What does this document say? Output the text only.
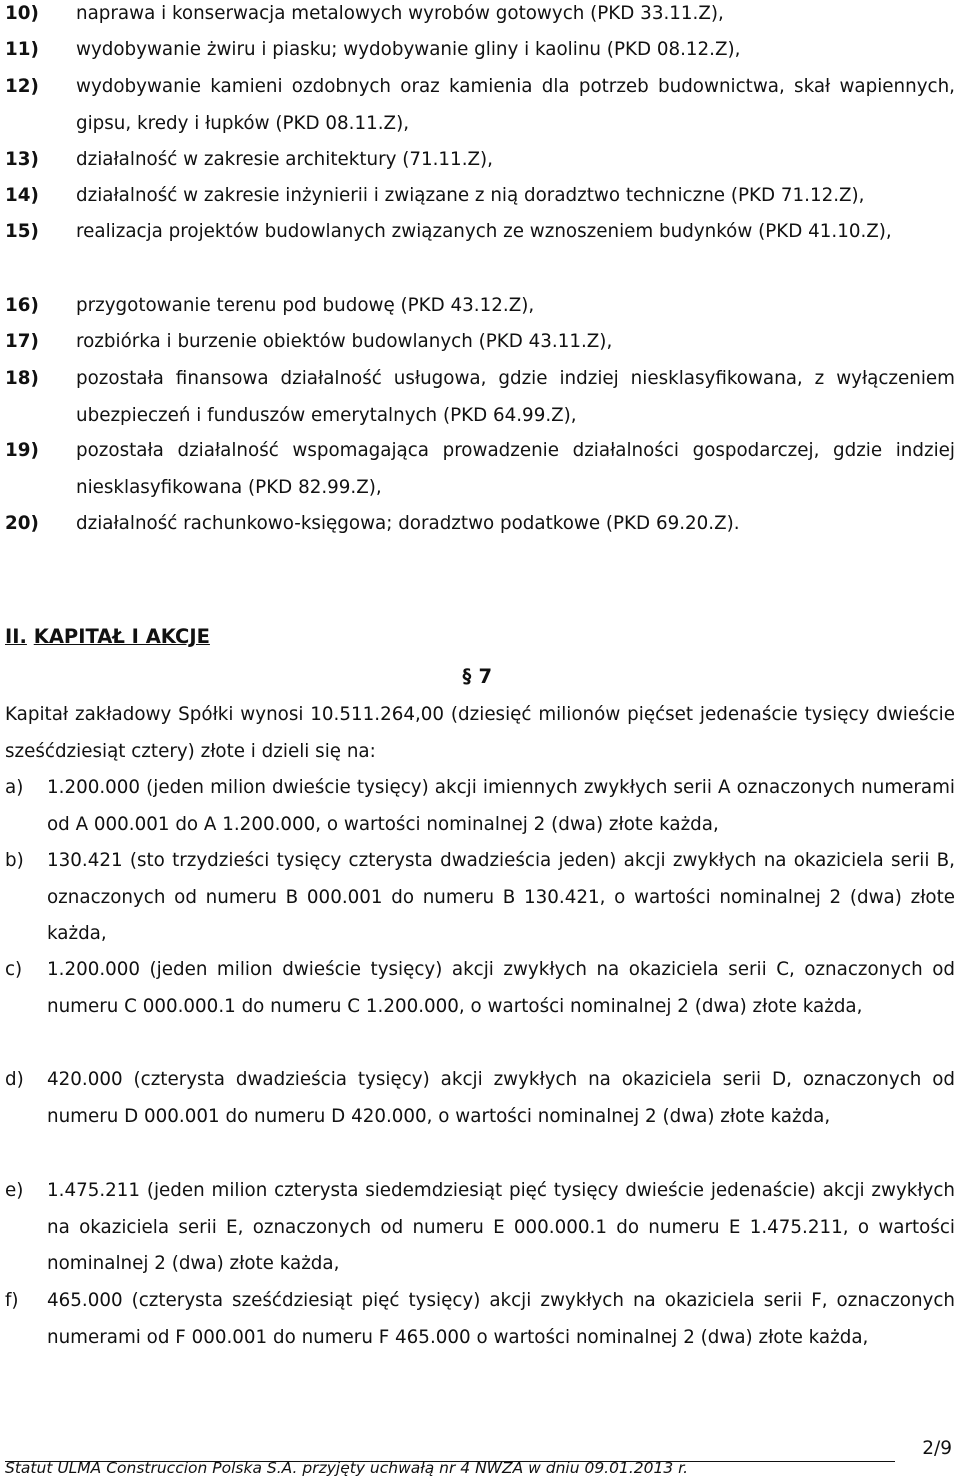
10) naprawa i konserwacja metalowych wyrobów gotowych (PKD 33.11.Z),
11) wydobywanie żwiru i piasku; wydobywanie gliny i kaolinu (PKD 08.12.Z),
12) wydobywanie kamieni ozdobnych oraz kamienia dla potrzeb budownictwa, skał wapiennych, gipsu, kredy i łupków (PKD 08.11.Z),
13) działalność w zakresie architektury (71.11.Z),
14) działalność w zakresie inżynierii i związane z nią doradztwo techniczne (PKD 71.12.Z),
15) realizacja projektów budowlanych związanych ze wznoszeniem budynków (PKD 41.10.Z),
16) przygotowanie terenu pod budowę (PKD 43.12.Z),
17) rozbiórka i burzenie obiektów budowlanych (PKD 43.11.Z),
18) pozostała finansowa działalność usługowa, gdzie indziej niesklasyfikowana, z wyłączeniem ubezpieczeń i funduszów emerytalnych (PKD 64.99.Z),
19) pozostała działalność wspomagająca prowadzenie działalności gospodarczej, gdzie indziej niesklasyfikowana (PKD 82.99.Z),
20) działalność rachunkowo-księgowa; doradztwo podatkowe (PKD 69.20.Z).
II. KAPITAŁ I AKCJE
§ 7
Kapitał zakładowy Spółki wynosi 10.511.264,00 (dziesięć milionów pięćset jedenaście tysięcy dwieście sześćdziesiąt cztery) złote i dzieli się na:
a) 1.200.000 (jeden milion dwieście tysięcy) akcji imiennych zwykłych serii A oznaczonych numerami od A 000.001 do A 1.200.000, o wartości nominalnej 2 (dwa) złote każda,
b) 130.421 (sto trzydzieści tysięcy czterysta dwadzieścia jeden) akcji zwykłych na okaziciela serii B, oznaczonych od numeru B 000.001 do numeru B 130.421, o wartości nominalnej 2 (dwa) złote każda,
c) 1.200.000 (jeden milion dwieście tysięcy) akcji zwykłych na okaziciela serii C, oznaczonych od numeru C 000.000.1 do numeru C 1.200.000, o wartości nominalnej 2 (dwa) złote każda,
d) 420.000 (czterysta dwadzieścia tysięcy) akcji zwykłych na okaziciela serii D, oznaczonych od numeru D 000.001 do numeru D 420.000, o wartości nominalnej 2 (dwa) złote każda,
e) 1.475.211 (jeden milion czterysta siedemdziesiąt pięć tysięcy dwieście jedenaście) akcji zwykłych na okaziciela serii E, oznaczonych od numeru E 000.000.1 do numeru E 1.475.211, o wartości nominalnej 2 (dwa) złote każda,
f) 465.000 (czterysta sześćdziesiąt pięć tysięcy) akcji zwykłych na okaziciela serii F, oznaczonych numerami od F 000.001 do numeru F 465.000 o wartości nominalnej 2 (dwa) złote każda,
2/9
Statut ULMA Construccion Polska S.A. przyjęty uchwałą nr 4 NWZA w dniu 09.01.2013 r.
